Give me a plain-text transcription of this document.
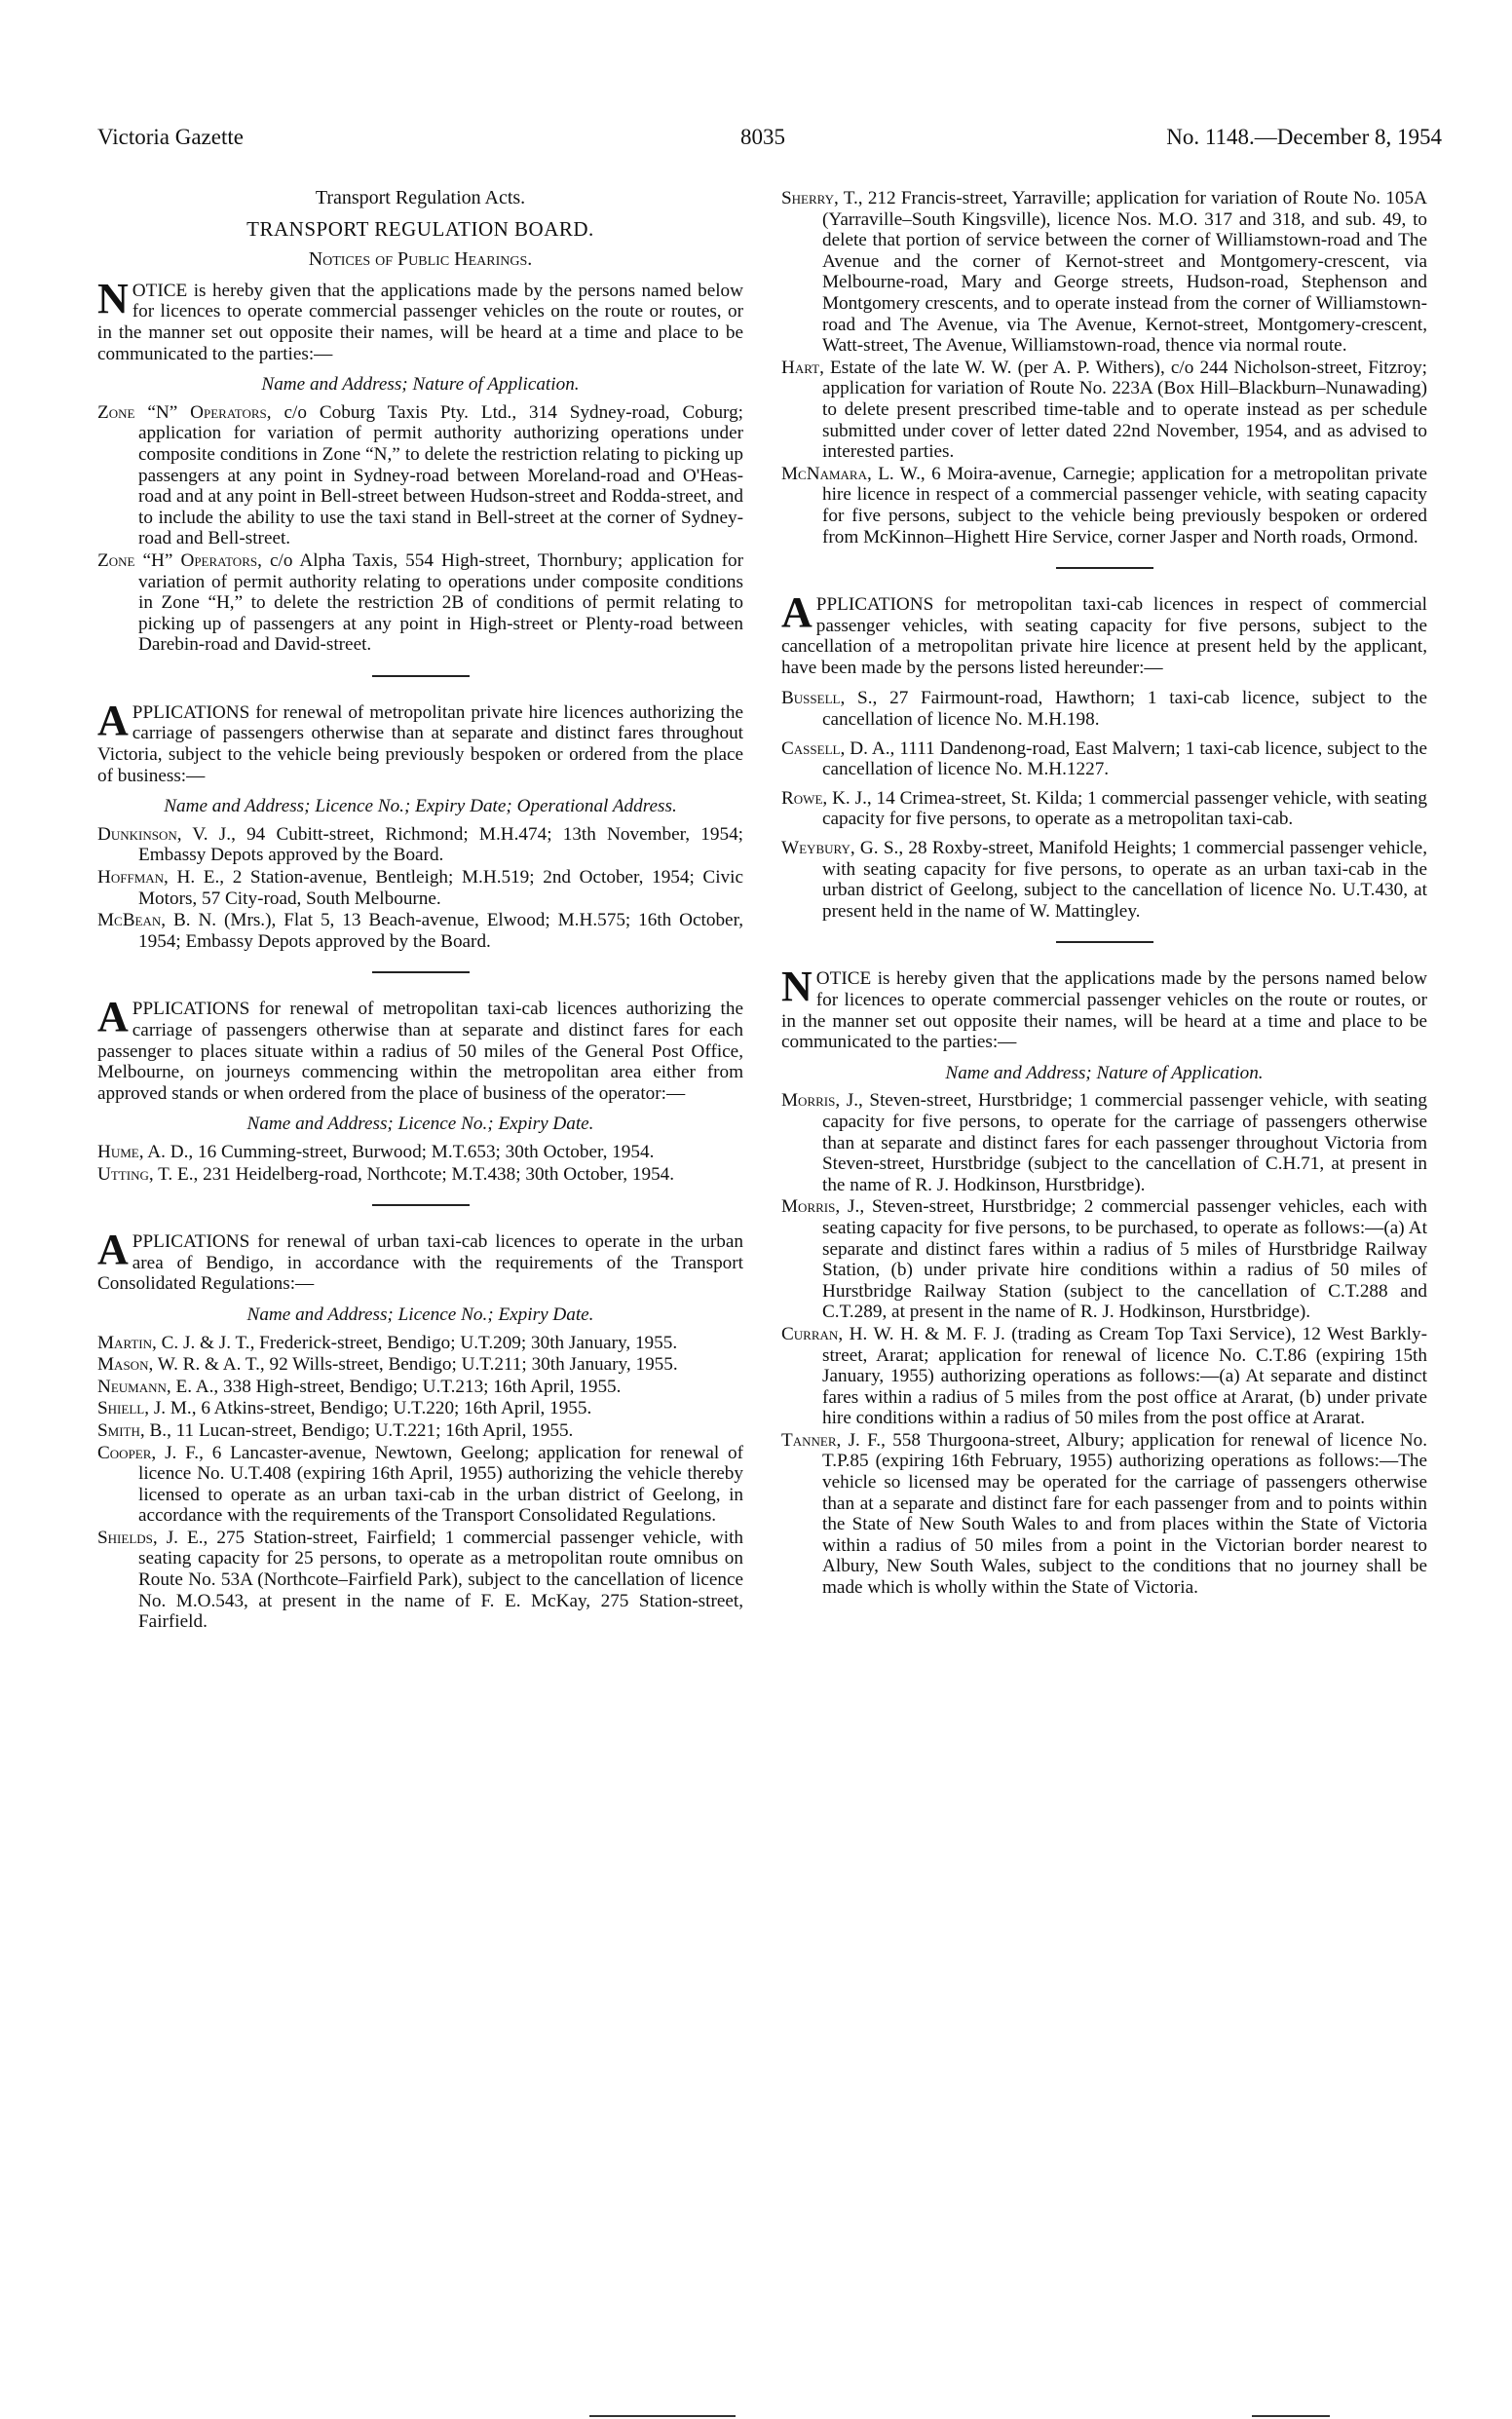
Victoria Gazette	8035	No. 1148.—December 8, 1954
Transport Regulation Acts.
TRANSPORT REGULATION BOARD.
Notices of Public Hearings.

NOTICE is hereby given that the applications made by the persons named below for licences to operate commercial passenger vehicles on the route or routes, or in the manner set out opposite their names, will be heard at a time and place to be communicated to the parties:—

Name and Address; Nature of Application.

Zone “N” Operators, c/o Coburg Taxis Pty. Ltd., 314 Sydney-road, Coburg; application for variation of permit authority authorizing operations under composite conditions in Zone “N,” to delete the restriction relating to picking up passengers at any point in Sydney-road between Moreland-road and O'Heas-road and at any point in Bell-street between Hudson-street and Rodda-street, and to include the ability to use the taxi stand in Bell-street at the corner of Sydney-road and Bell-street.

Zone “H” Operators, c/o Alpha Taxis, 554 High-street, Thornbury; application for variation of permit authority relating to operations under composite conditions in Zone “H,” to delete the restriction 2B of conditions of permit relating to picking up of passengers at any point in High-street or Plenty-road between Darebin-road and David-street.

APPLICATIONS for renewal of metropolitan private hire licences authorizing the carriage of passengers otherwise than at separate and distinct fares throughout Victoria, subject to the vehicle being previously bespoken or ordered from the place of business:—

Name and Address; Licence No.; Expiry Date; Operational Address.

Dunkinson, V. J., 94 Cubitt-street, Richmond; M.H.474; 13th November, 1954; Embassy Depots approved by the Board.

Hoffman, H. E., 2 Station-avenue, Bentleigh; M.H.519; 2nd October, 1954; Civic Motors, 57 City-road, South Melbourne.

McBean, B. N. (Mrs.), Flat 5, 13 Beach-avenue, Elwood; M.H.575; 16th October, 1954; Embassy Depots approved by the Board.

APPLICATIONS for renewal of metropolitan taxi-cab licences authorizing the carriage of passengers otherwise than at separate and distinct fares for each passenger to places situate within a radius of 50 miles of the General Post Office, Melbourne, on journeys commencing within the metropolitan area either from approved stands or when ordered from the place of business of the operator:—

Name and Address; Licence No.; Expiry Date.

Hume, A. D., 16 Cumming-street, Burwood; M.T.653; 30th October, 1954.

Utting, T. E., 231 Heidelberg-road, Northcote; M.T.438; 30th October, 1954.

APPLICATIONS for renewal of urban taxi-cab licences to operate in the urban area of Bendigo, in accordance with the requirements of the Transport Consolidated Regulations:—

Name and Address; Licence No.; Expiry Date.

Martin, C. J. & J. T., Frederick-street, Bendigo; U.T.209; 30th January, 1955.

Mason, W. R. & A. T., 92 Wills-street, Bendigo; U.T.211; 30th January, 1955.

Neumann, E. A., 338 High-street, Bendigo; U.T.213; 16th April, 1955.

Shiell, J. M., 6 Atkins-street, Bendigo; U.T.220; 16th April, 1955.

Smith, B., 11 Lucan-street, Bendigo; U.T.221; 16th April, 1955.

Cooper, J. F., 6 Lancaster-avenue, Newtown, Geelong; application for renewal of licence No. U.T.408 (expiring 16th April, 1955) authorizing the vehicle thereby licensed to operate as an urban taxi-cab in the urban district of Geelong, in accordance with the requirements of the Transport Consolidated Regulations.

Shields, J. E., 275 Station-street, Fairfield; 1 commercial passenger vehicle, with seating capacity for 25 persons, to operate as a metropolitan route omnibus on Route No. 53A (Northcote–Fairfield Park), subject to the cancellation of licence No. M.O.543, at present in the name of F. E. McKay, 275 Station-street, Fairfield.

Sherry, T., 212 Francis-street, Yarraville; application for variation of Route No. 105A (Yarraville–South Kingsville), licence Nos. M.O. 317 and 318, and sub. 49, to delete that portion of service between the corner of Williamstown-road and The Avenue and the corner of Kernot-street and Montgomery-crescent, via Melbourne-road, Mary and George streets, Hudson-road, Stephenson and Montgomery crescents, and to operate instead from the corner of Williamstown-road and The Avenue, via The Avenue, Kernot-street, Montgomery-crescent, Watt-street, The Avenue, Williamstown-road, thence via normal route.

Hart, Estate of the late W. W. (per A. P. Withers), c/o 244 Nicholson-street, Fitzroy; application for variation of Route No. 223A (Box Hill–Blackburn–Nunawading) to delete present prescribed time-table and to operate instead as per schedule submitted under cover of letter dated 22nd November, 1954, and as advised to interested parties.

McNamara, L. W., 6 Moira-avenue, Carnegie; application for a metropolitan private hire licence in respect of a commercial passenger vehicle, with seating capacity for five persons, subject to the vehicle being previously bespoken or ordered from McKinnon–Highett Hire Service, corner Jasper and North roads, Ormond.

APPLICATIONS for metropolitan taxi-cab licences in respect of commercial passenger vehicles, with seating capacity for five persons, subject to the cancellation of a metropolitan private hire licence at present held by the applicant, have been made by the persons listed hereunder:—

Bussell, S., 27 Fairmount-road, Hawthorn; 1 taxi-cab licence, subject to the cancellation of licence No. M.H.198.

Cassell, D. A., 1111 Dandenong-road, East Malvern; 1 taxi-cab licence, subject to the cancellation of licence No. M.H.1227.

Rowe, K. J., 14 Crimea-street, St. Kilda; 1 commercial passenger vehicle, with seating capacity for five persons, to operate as a metropolitan taxi-cab.

Weybury, G. S., 28 Roxby-street, Manifold Heights; 1 commercial passenger vehicle, with seating capacity for five persons, to operate as an urban taxi-cab in the urban district of Geelong, subject to the cancellation of licence No. U.T.430, at present held in the name of W. Mattingley.

NOTICE is hereby given that the applications made by the persons named below for licences to operate commercial passenger vehicles on the route or routes, or in the manner set out opposite their names, will be heard at a time and place to be communicated to the parties:—

Name and Address; Nature of Application.

Morris, J., Steven-street, Hurstbridge; 1 commercial passenger vehicle, with seating capacity for five persons, to operate for the carriage of passengers otherwise than at separate and distinct fares for each passenger throughout Victoria from Steven-street, Hurstbridge (subject to the cancellation of C.H.71, at present in the name of R. J. Hodkinson, Hurstbridge).

Morris, J., Steven-street, Hurstbridge; 2 commercial passenger vehicles, each with seating capacity for five persons, to be purchased, to operate as follows:—(a) At separate and distinct fares within a radius of 5 miles of Hurstbridge Railway Station, (b) under private hire conditions within a radius of 50 miles of Hurstbridge Railway Station (subject to the cancellation of C.T.288 and C.T.289, at present in the name of R. J. Hodkinson, Hurstbridge).

Curran, H. W. H. & M. F. J. (trading as Cream Top Taxi Service), 12 West Barkly-street, Ararat; application for renewal of licence No. C.T.86 (expiring 15th January, 1955) authorizing operations as follows:—(a) At separate and distinct fares within a radius of 5 miles from the post office at Ararat, (b) under private hire conditions within a radius of 50 miles from the post office at Ararat.

Tanner, J. F., 558 Thurgoona-street, Albury; application for renewal of licence No. T.P.85 (expiring 16th February, 1955) authorizing operations as follows:—The vehicle so licensed may be operated for the carriage of passengers otherwise than at a separate and distinct fare for each passenger from and to points within the State of New South Wales to and from places within the State of Victoria within a radius of 50 miles from a point in the Victorian border nearest to Albury, New South Wales, subject to the conditions that no journey shall be made which is wholly within the State of Victoria.
